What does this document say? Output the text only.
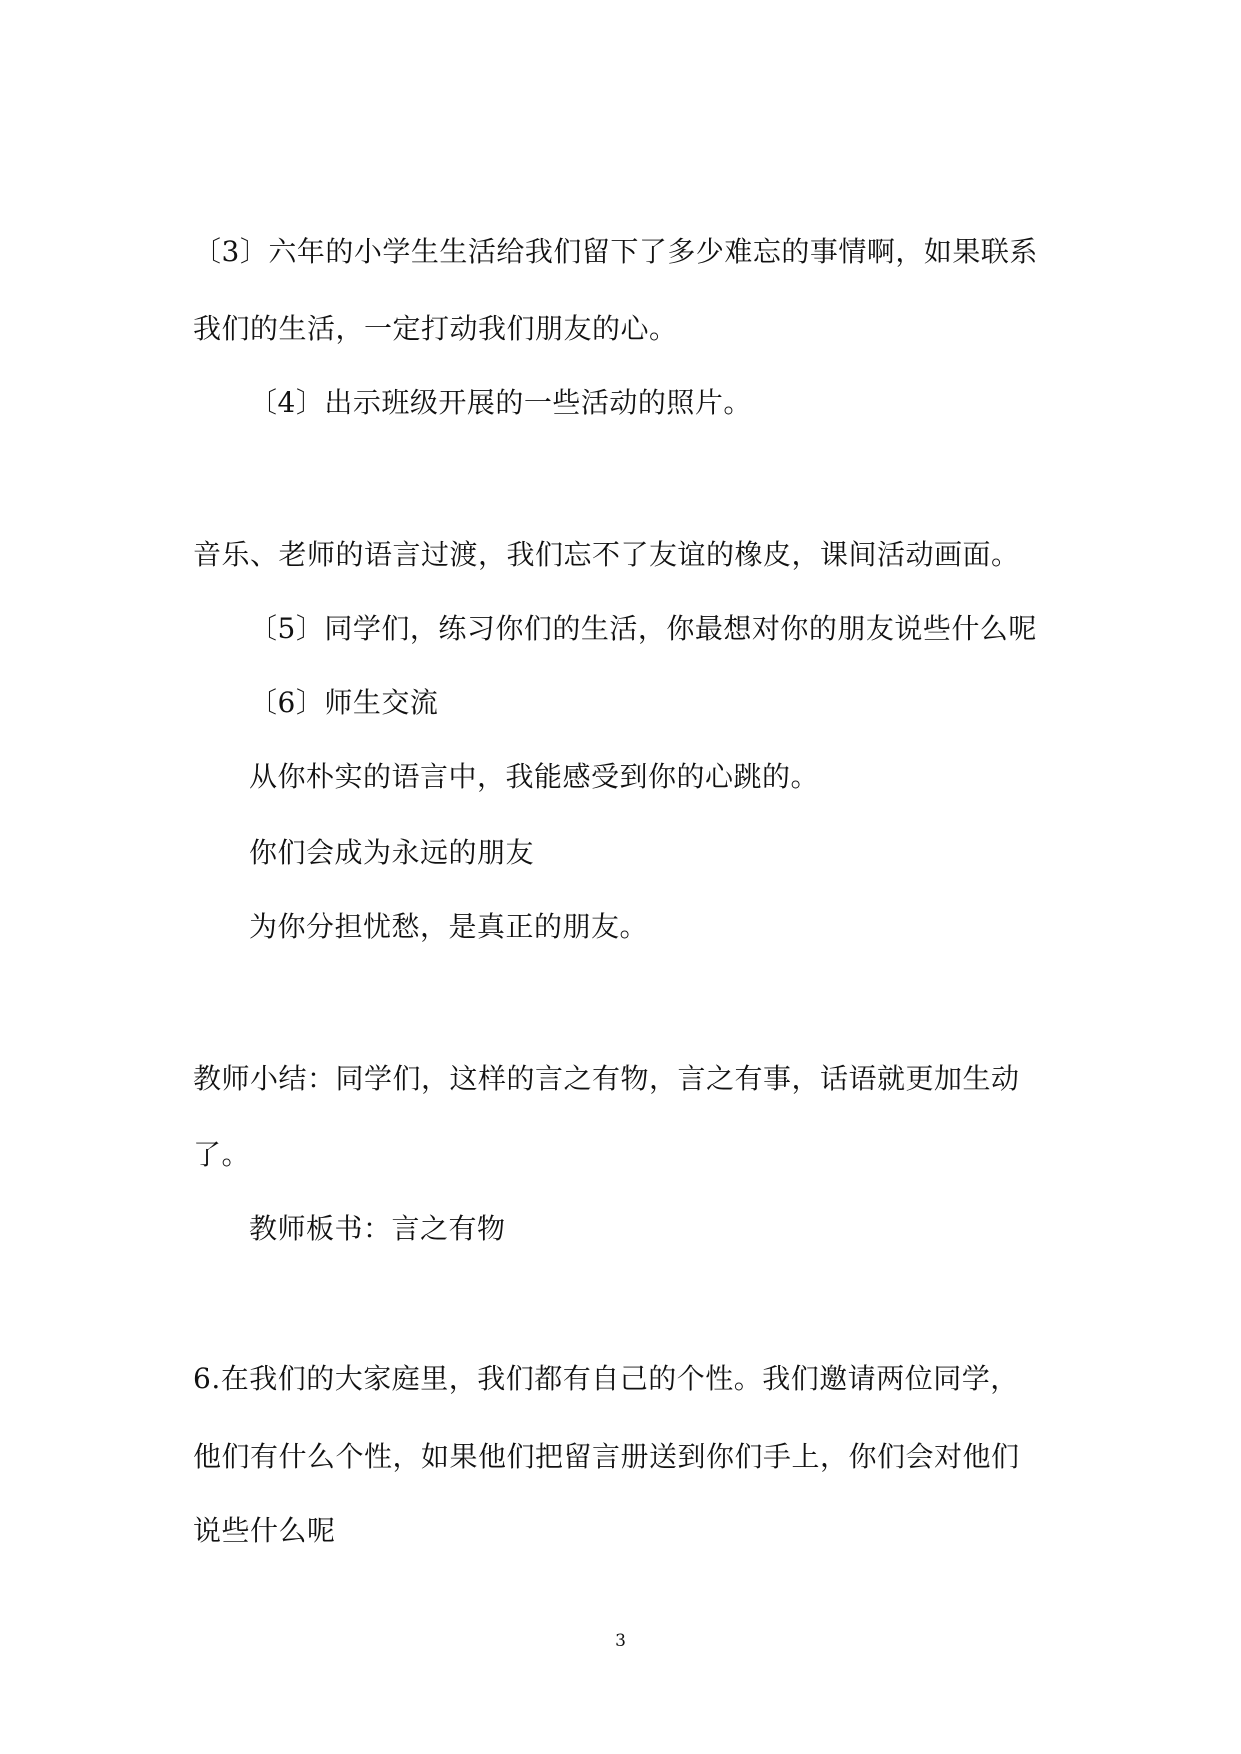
〔3〕六年的小学生生活给我们留下了多少难忘的事情啊，如果联系
我们的生活，一定打动我们朋友的心。
〔4〕出示班级开展的一些活动的照片。
音乐、老师的语言过渡，我们忘不了友谊的橡皮，课间活动画面。
〔5〕同学们，练习你们的生活，你最想对你的朋友说些什么呢
〔6〕师生交流
从你朴实的语言中，我能感受到你的心跳的。
你们会成为永远的朋友
为你分担忧愁，是真正的朋友。
教师小结：同学们，这样的言之有物，言之有事，话语就更加生动
了。
教师板书：言之有物
6.在我们的大家庭里，我们都有自己的个性。我们邀请两位同学，
他们有什么个性，如果他们把留言册送到你们手上，你们会对他们
说些什么呢
3
